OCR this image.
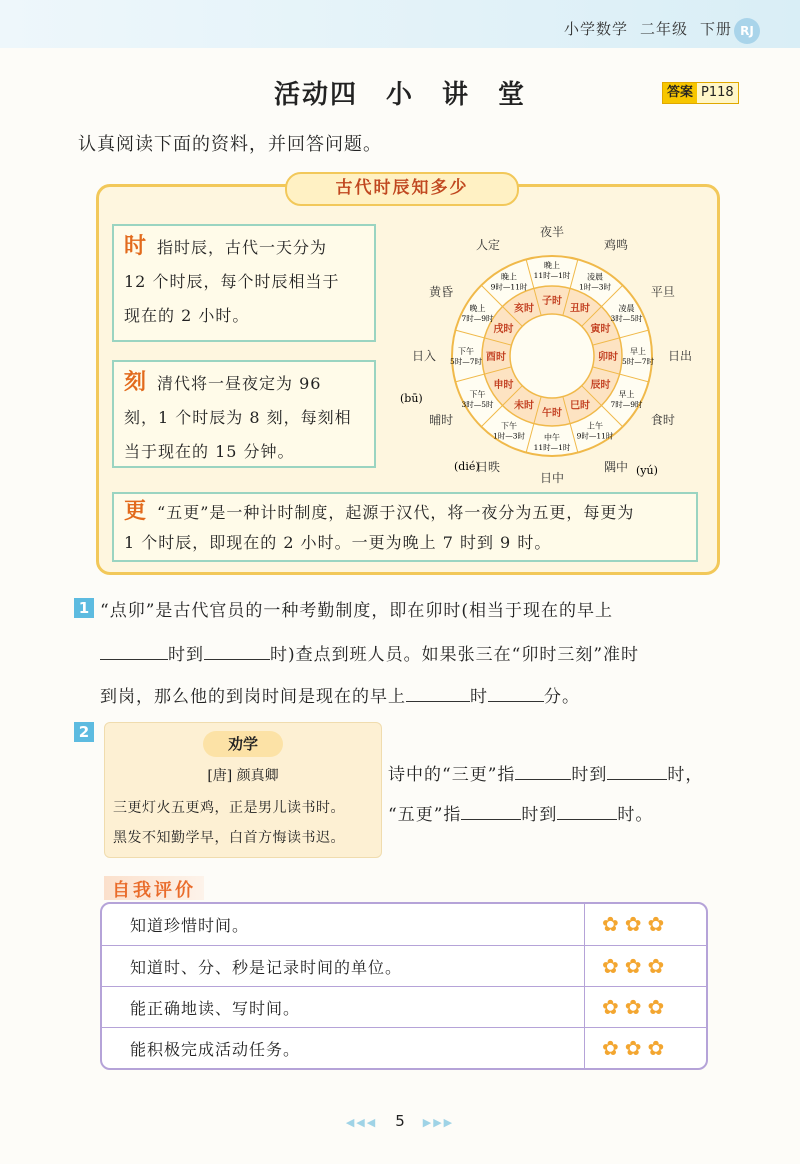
小学数学 二年级 下册 RJ
活动四　小　讲　堂	答案 P118
认真阅读下面的资料，并回答问题。
古代时辰知多少
时 指时辰，古代一天分为
12 个时辰，每个时辰相当于
现在的 2 小时。
刻 清代将一昼夜定为 96
刻，1 个时辰为 8 刻，每刻相
当于现在的 15 分钟。
更 “五更”是一种计时制度，起源于汉代，将一夜分为五更，每更为
1 个时辰，即现在的 2 小时。一更为晚上 7 时到 9 时。
子时
晚上
11时—1时
夜半
丑时
凌晨
1时—3时
鸡鸣
寅时
凌晨
3时—5时
平旦
卯时
早上
5时—7时 日出
辰时
早上
7时—9时
食时
巳时
上午
9时—11时
隅中
午时
中午
11时—1时
日中
未时
下午
1时—3时
日昳
申时
下午
3时—5时
晡时
酉时
下午
5时—7时
日入
戌时
晚上
7时—9时
黄昏
亥时
晚上
9时—11时
人定
(dié)	(yú)
(bū)
1 “点卯”是古代官员的一种考勤制度，即在卯时(相当于现在的早上
时到	时)查点到班人员。如果张三在“卯时三刻”准时
到岗，那么他的到岗时间是现在的早上	时	分。
2
劝学
[唐] 颜真卿
三更灯火五更鸡，正是男儿读书时。
黑发不知勤学早，白首方悔读书迟。
诗中的“三更”指	时到	时，
“五更”指	时到	时。
自我评价
知道珍惜时间。	✿✿✿
知道时、分、秒是记录时间的单位。	✿✿✿
能正确地读、写时间。	✿✿✿
能积极完成活动任务。	✿✿✿
◀◀◀ 5 ▶▶▶
